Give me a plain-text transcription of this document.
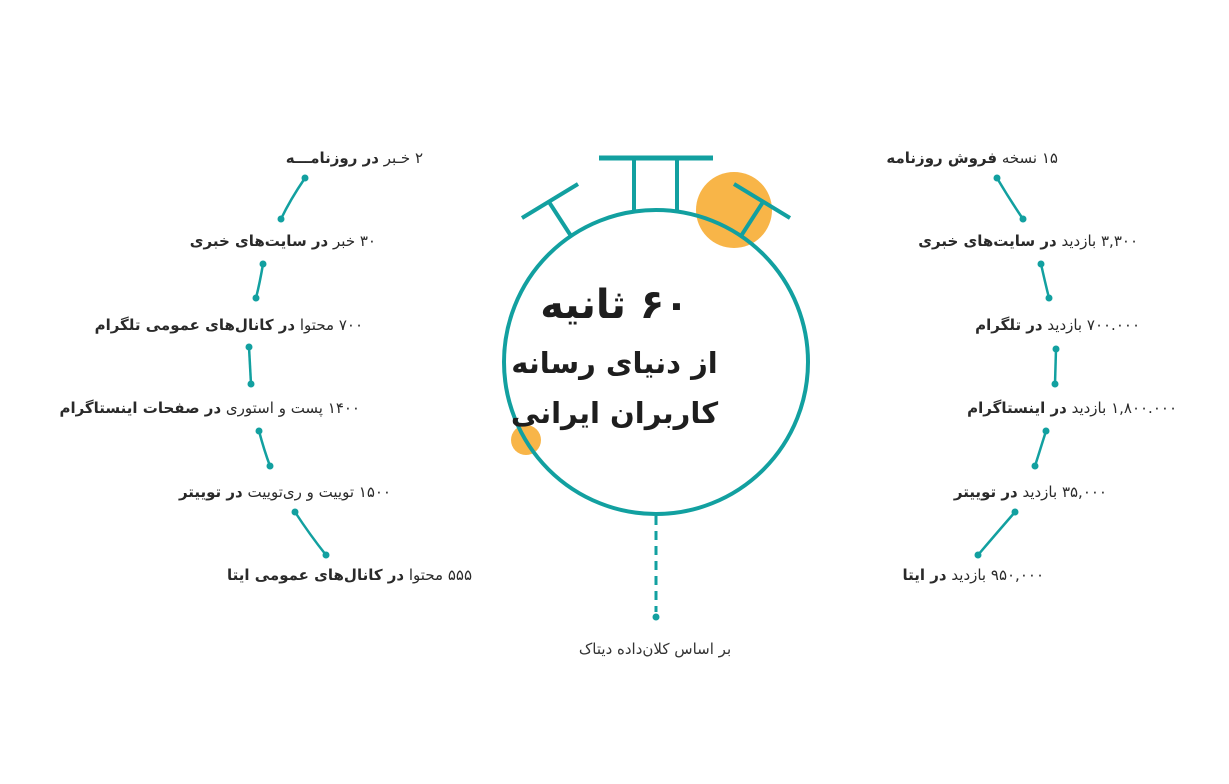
۶۰ ثانیه
از دنیای رسانه
کاربران ایرانی
۲ خـبر در روزنامـــه
۳۰ خبر در سایت‌های خبری
۷۰۰ محتوا در کانال‌های عمومی تلگرام
۱۴۰۰ پست و استوری در صفحات اینستاگرام
۱۵۰۰ توییت و ری‌توییت در توییتر
۵۵۵ محتوا در کانال‌های عمومی ایتا
۱۵ نسخه فروش روزنامه
۳,۳۰۰ بازدید در سایت‌های خبری
۷۰۰.۰۰۰ بازدید در تلگرام
۱,۸۰۰.۰۰۰ بازدید در اینستاگرام
۳۵,۰۰۰ بازدید در توییتر
۹۵۰,۰۰۰ بازدید در ایتا
بر اساس کلان‌داده دیتاک
